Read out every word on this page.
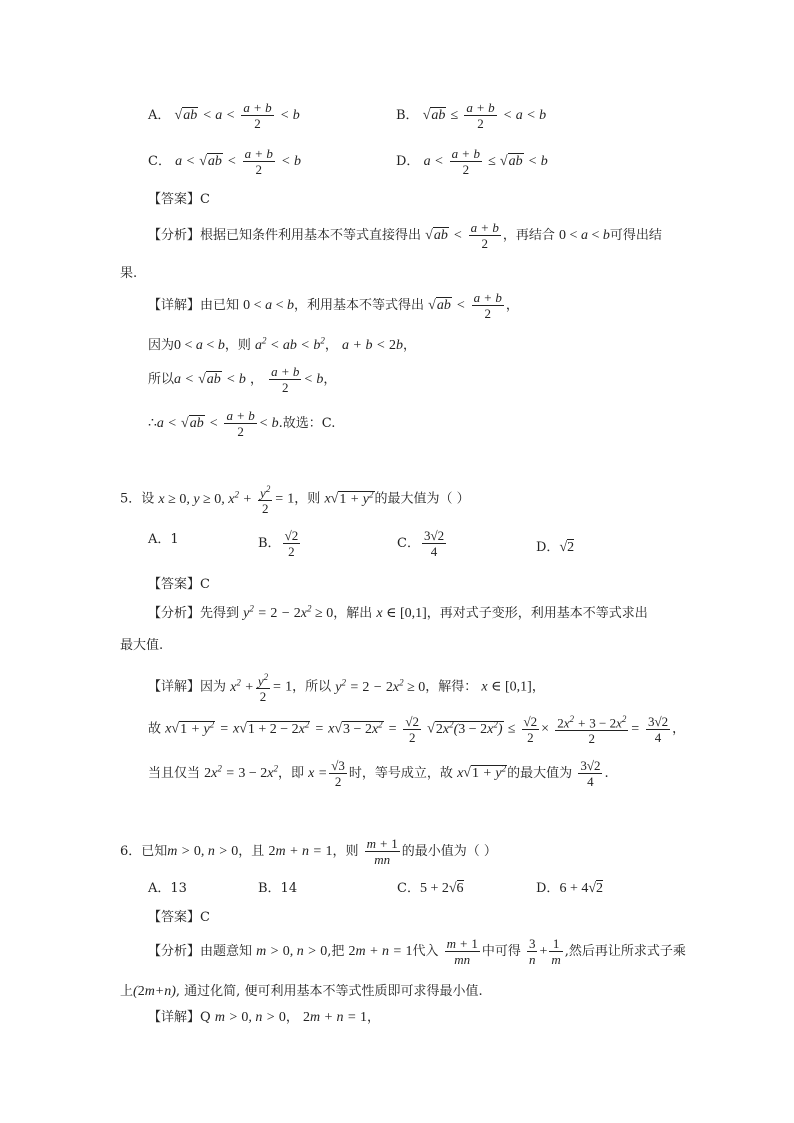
A． $√ab < a < \frac{a + b}{2} < b$	B． $√ab \le \frac{a + b}{2} < a < b$
C． $a < √ab < \frac{a + b}{2} < b$	D． $a < \frac{a + b}{2} \le √ab < b$
【答案】C
【分析】根据已知条件利用基本不等式直接得出 $√ab < \frac{a + b}{2}$ ，再结合 0 < a < b可得出结
果.
【详解】由已知 0 < a < b，利用基本不等式得出 $√ab < \frac{a + b}{2}$ ，
因为0 < a < b，则 $a^2$ < ab < $b^2$， a + b < 2b，
所以a < √ab < b ， $\frac{a + b}{2} < b$，
∴a < $√ab < \frac{a + b}{2} < b$.故选：C.
5．设 x ≥ 0, y ≥ 0, $x^2 + \frac{y^2}{2} = 1$，则 $x√1 + y^2$的最大值为（ ）
A．1	B． $\frac{√2}{2}$	C． $\frac{3√2}{4}$	D．√2
【答案】C
【分析】先得到 $y^2 = 2 - 2x^2 \ge 0$，解出 x ∈ [0,1]，再对式子变形，利用基本不等式求出
最大值.
【详解】因为 $x^2 + \frac{y^2}{2} = 1$，所以 $y^2 = 2 - 2x^2 \ge 0$，解得： x ∈ [0,1]，
故 $x√1 + y^2 = x√1 + 2 - 2x^2 = x√3 - 2x^2 = \frac{√2}{2} √2x^2(3 - 2x^2) \le \frac{√2}{2} \times \frac{2x^2 + 3 - 2x^2}{2} = \frac{3√2}{4}$ ，
当且仅当 $2x^2 = 3 - 2x^2$，即 $x = \frac{√3}{2}$ 时，等号成立，故 $x√1 + y^2$的最大值为 $\frac{3√2}{4}$ .
6．已知m > 0, n > 0，且 2m + n = 1，则 $\frac{m + 1}{mn}$ 的最小值为（ ）
A．13	B．14	C．5 + 2√6	D．6 + 4√2
【答案】C
【分析】由题意知 m > 0, n > 0,把 2m + n = 1代入 $\frac{m + 1}{mn}$ 中可得 $\frac{3}{n} + \frac{1}{m}$ ,然后再让所求式子乘
上(2m+n), 通过化简, 便可利用基本不等式性质即可求得最小值.
【详解】Q m > 0, n > 0， 2m + n = 1，
